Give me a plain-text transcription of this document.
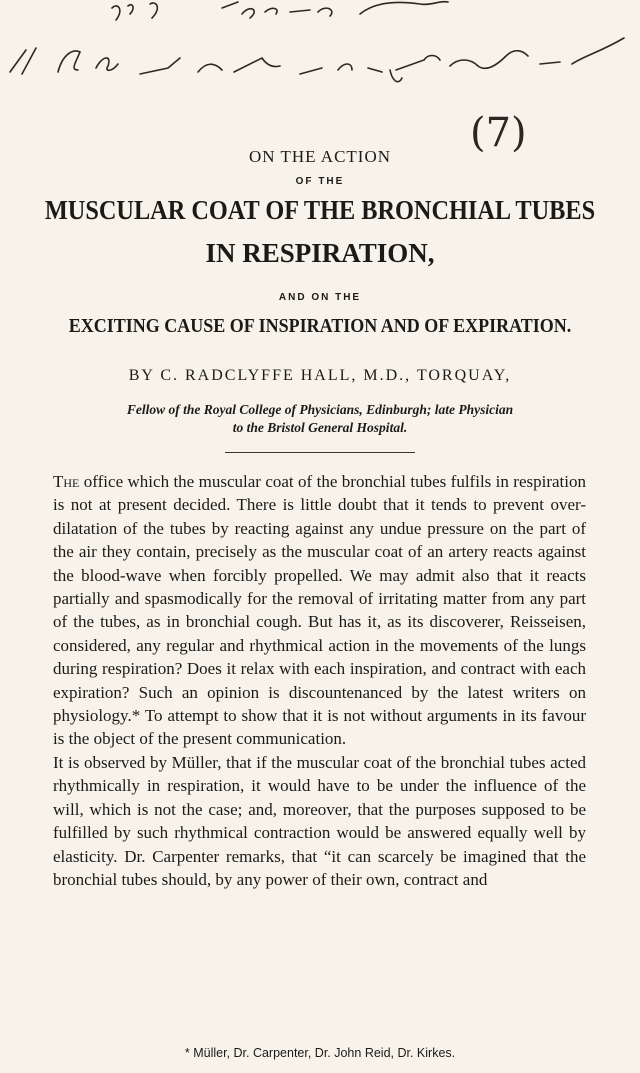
(7)
ON THE ACTION
OF THE
MUSCULAR COAT OF THE BRONCHIAL TUBES
IN RESPIRATION,
AND ON THE
EXCITING CAUSE OF INSPIRATION AND OF EXPIRATION.
BY C. RADCLYFFE HALL, M.D., TORQUAY,
Fellow of the Royal College of Physicians, Edinburgh; late Physician
to the Bristol General Hospital.

The office which the muscular coat of the bronchial tubes fulfils in respiration is not at present decided. There is little doubt that it tends to prevent over-dilatation of the tubes by reacting against any undue pressure on the part of the air they contain, precisely as the muscular coat of an artery reacts against the blood-wave when forcibly propelled. We may admit also that it reacts partially and spasmodically for the removal of irritating matter from any part of the tubes, as in bronchial cough. But has it, as its discoverer, Reisseisen, considered, any regular and rhythmical action in the movements of the lungs during respiration? Does it relax with each inspiration, and contract with each expiration? Such an opinion is discountenanced by the latest writers on physiology.* To attempt to show that it is not without arguments in its favour is the object of the present communication.

It is observed by Müller, that if the muscular coat of the bronchial tubes acted rhythmically in respiration, it would have to be under the influence of the will, which is not the case; and, moreover, that the purposes supposed to be fulfilled by such rhythmical contraction would be answered equally well by elasticity. Dr. Carpenter remarks, that “it can scarcely be imagined that the bronchial tubes should, by any power of their own, contract and

* Müller, Dr. Carpenter, Dr. John Reid, Dr. Kirkes.
